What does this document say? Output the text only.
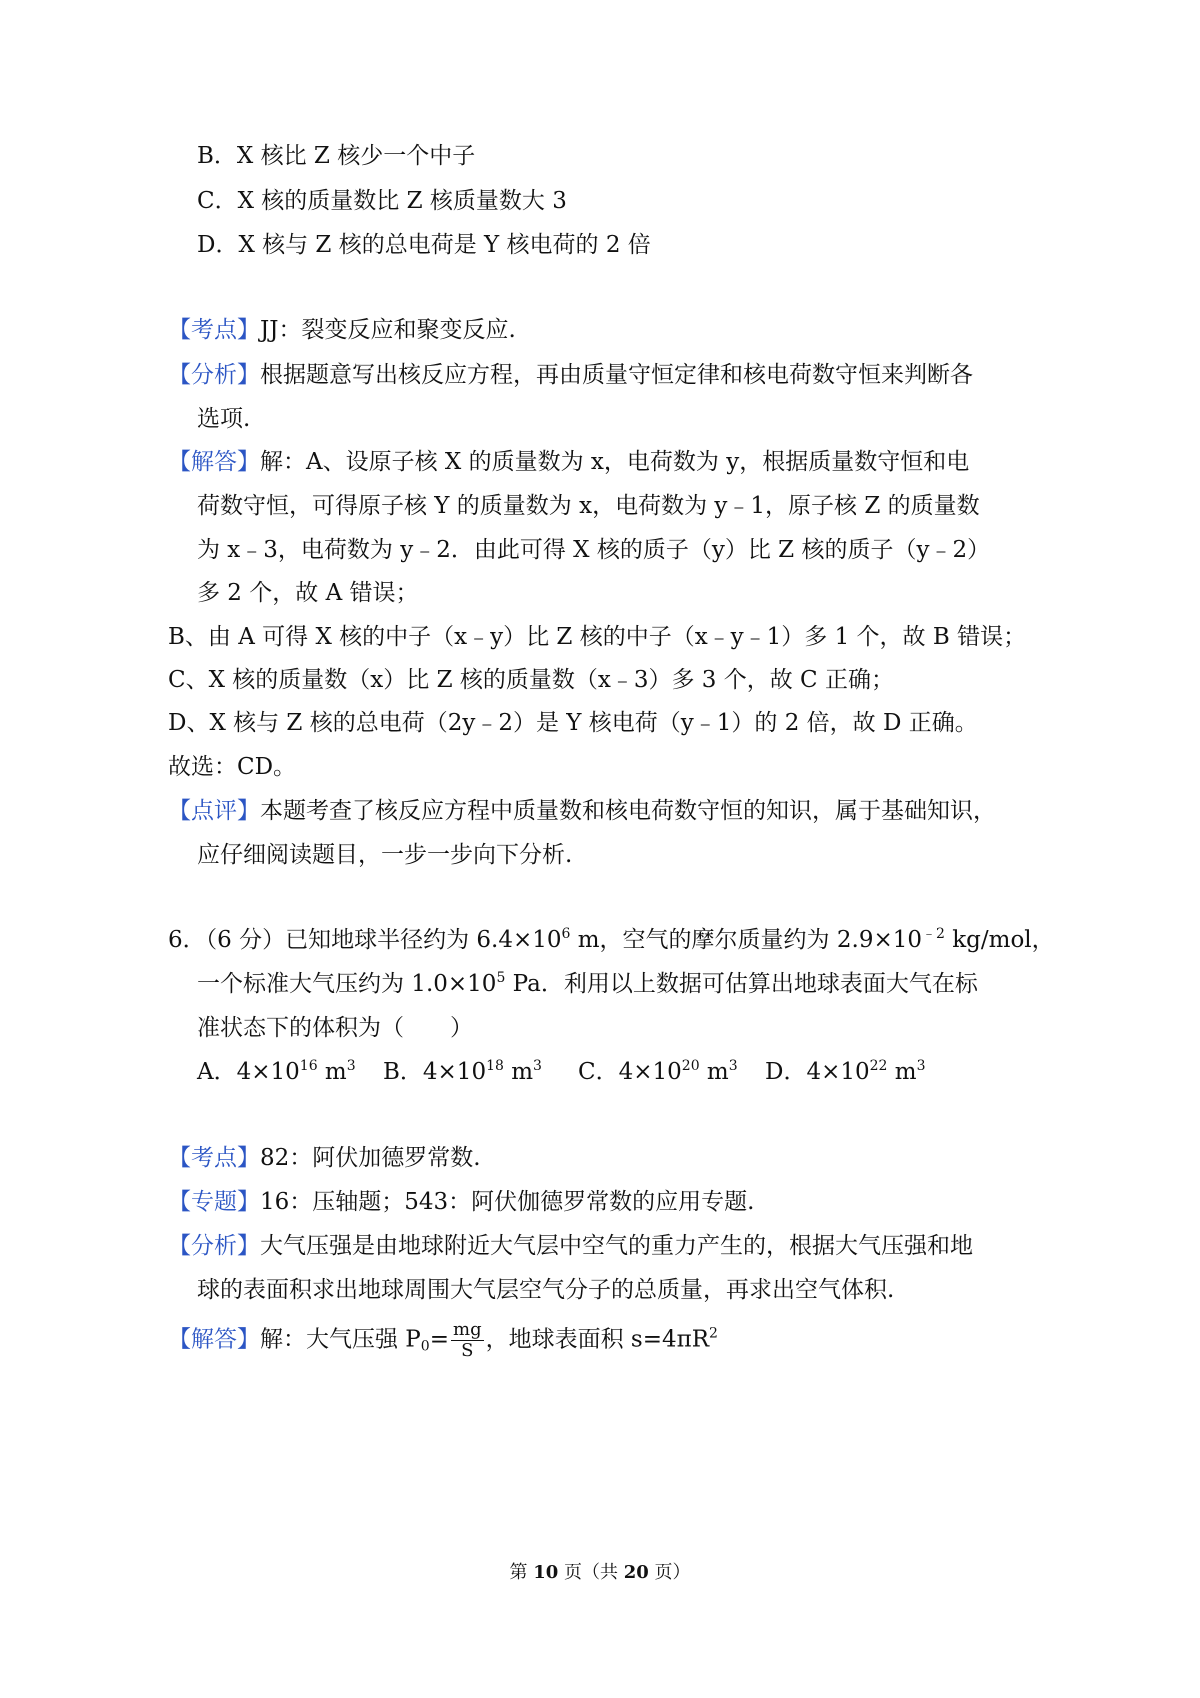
B．X 核比 Z 核少一个中子
C．X 核的质量数比 Z 核质量数大 3
D．X 核与 Z 核的总电荷是 Y 核电荷的 2 倍
【考点】JJ：裂变反应和聚变反应.
【分析】根据题意写出核反应方程，再由质量守恒定律和核电荷数守恒来判断各
选项.
【解答】解：A、设原子核 X 的质量数为 x，电荷数为 y，根据质量数守恒和电
荷数守恒，可得原子核 Y 的质量数为 x，电荷数为 y﹣1，原子核 Z 的质量数
为 x﹣3，电荷数为 y﹣2．由此可得 X 核的质子（y）比 Z 核的质子（y﹣2）
多 2 个，故 A 错误；
B、由 A 可得 X 核的中子（x﹣y）比 Z 核的中子（x﹣y﹣1）多 1 个，故 B 错误；
C、X 核的质量数（x）比 Z 核的质量数（x﹣3）多 3 个，故 C 正确；
D、X 核与 Z 核的总电荷（2y﹣2）是 Y 核电荷（y﹣1）的 2 倍，故 D 正确。
故选：CD。
【点评】本题考查了核反应方程中质量数和核电荷数守恒的知识，属于基础知识，
应仔细阅读题目，一步一步向下分析.
6．（6 分）已知地球半径约为 $6.4\times 10^6$ m，空气的摩尔质量约为 $2.9\times 10^{﹣2}$ kg/mol，
一个标准大气压约为 $1.0\times 10^5$ Pa．利用以上数据可估算出地球表面大气在标
准状态下的体积为（　　）
A．$4\times 10^{16}$ $m^3$ B．$4\times 10^{18}$ $m^3$ C．$4\times 10^{20}$ $m^3$ D．$4\times 10^{22}$ $m^3$
【考点】82：阿伏加德罗常数.
【专题】16：压轴题；543：阿伏伽德罗常数的应用专题.
【分析】大气压强是由地球附近大气层中空气的重力产生的，根据大气压强和地
球的表面积求出地球周围大气层空气分子的总质量，再求出空气体积.
【解答】解：大气压强 $P_0= \frac{mg}{S}$ ，地球表面积 $s=4\pi R^2$
第 10 页（共 20 页）
